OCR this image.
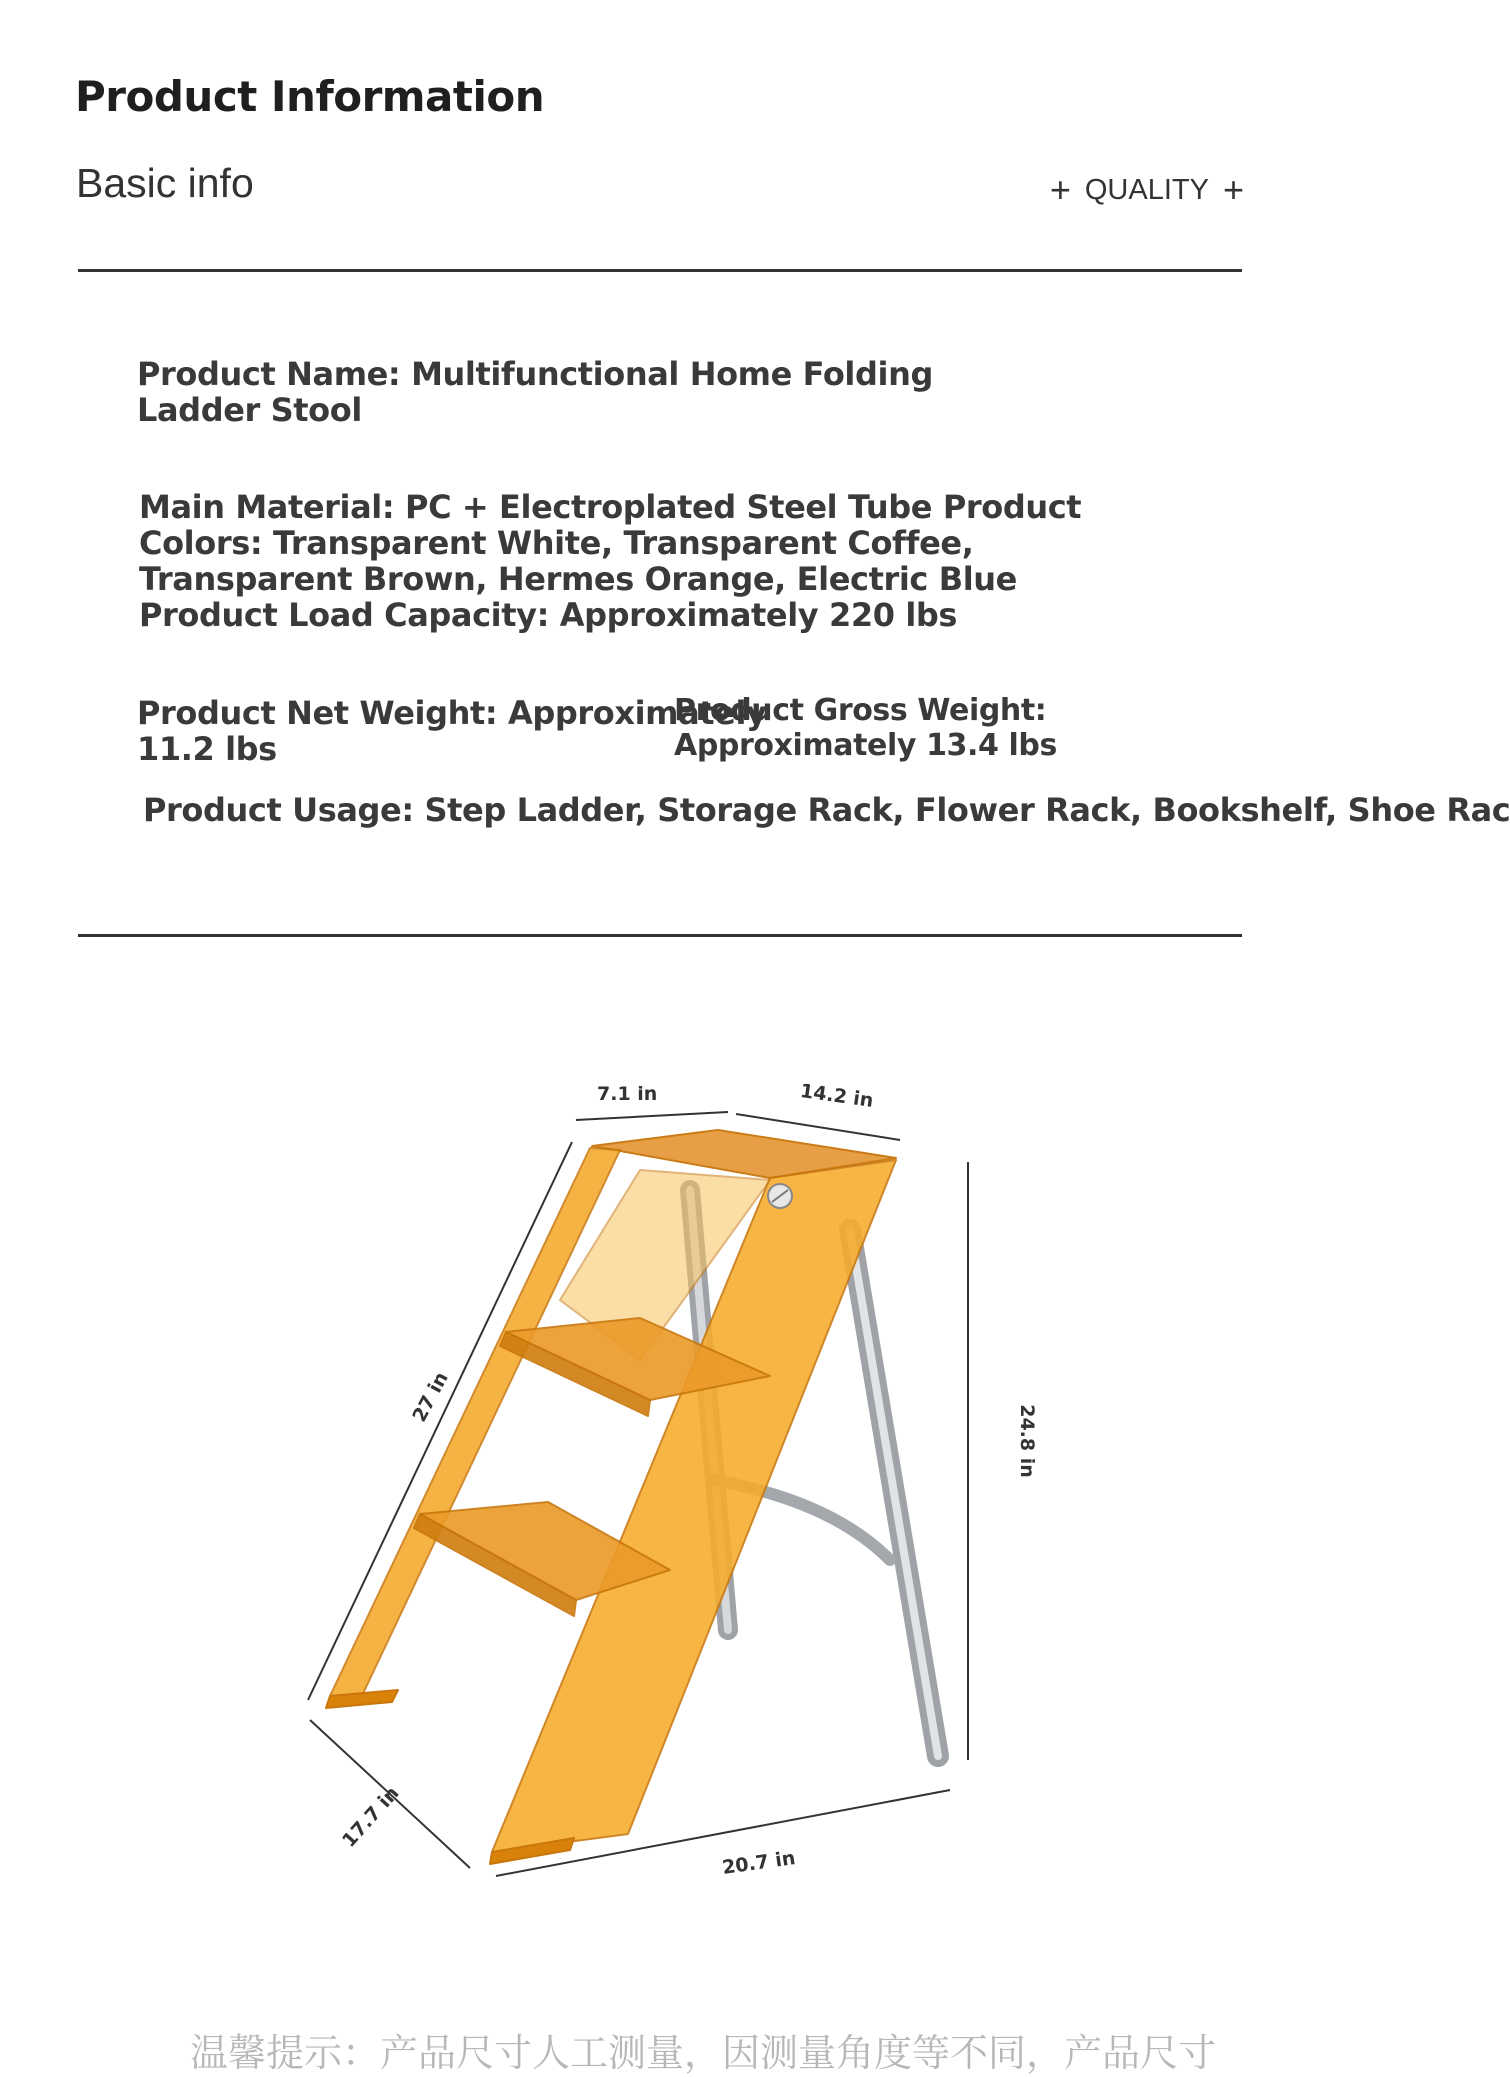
Product Information
Basic info	+ QUALITY +
Product Name: Multifunctional Home Folding
Ladder Stool
Main Material: PC + Electroplated Steel Tube Product
Colors: Transparent White, Transparent Coffee,
Transparent Brown, Hermes Orange, Electric Blue
Product Load Capacity: Approximately 220 lbs
Product Net Weight: Approximately
11.2 lbs
Product Gross Weight:
Approximately 13.4 lbs
Product Usage: Step Ladder, Storage Rack, Flower Rack, Bookshelf, Shoe Rac
7.1 in	14.2 in
27 in
24.8 in
17.7 in
20.7 in
温馨提示：产品尺寸人工测量，因测量角度等不同，产品尺寸
